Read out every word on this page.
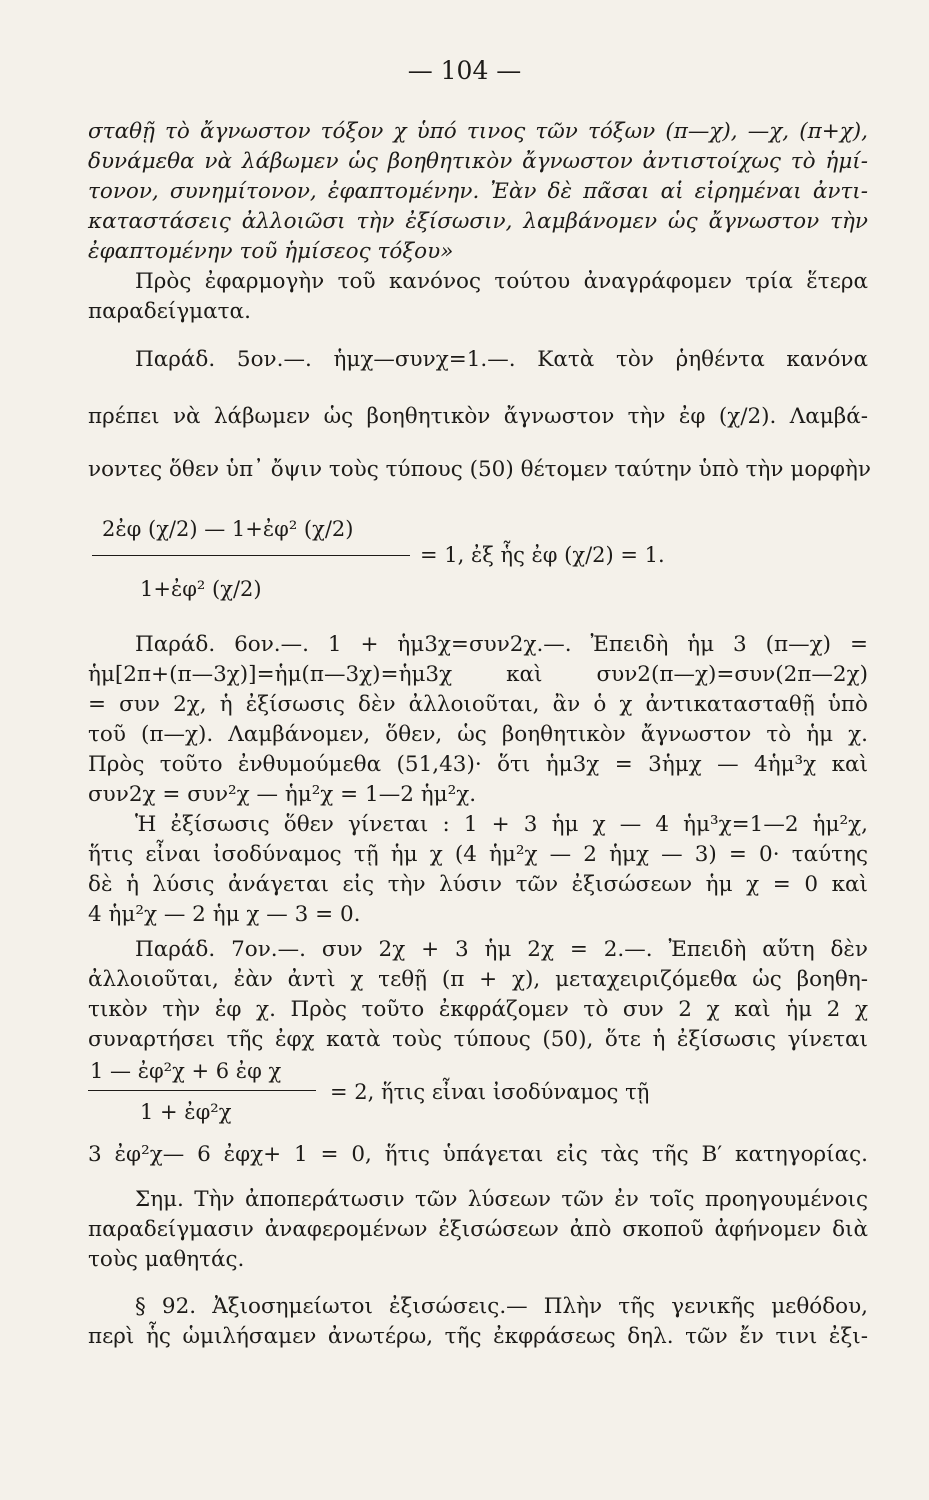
— 104 —
σταθῇ τὸ ἄγνωστον τόξον χ ὑπό τινος τῶν τόξων (π—χ), —χ, (π+χ),
δυνάμεθα νὰ λάβωμεν ὡς βοηθητικὸν ἄγνωστον ἀντιστοίχως τὸ ἡμί-
τονον, συνημίτονον, ἐφαπτομένην. Ἐὰν δὲ πᾶσαι αἱ εἰρημέναι ἀντι-
καταστάσεις ἀλλοιῶσι τὴν ἐξίσωσιν, λαμβάνομεν ὡς ἄγνωστον τὴν
ἐφαπτομένην τοῦ ἡμίσεος τόξου»
Πρὸς ἐφαρμογὴν τοῦ κανόνος τούτου ἀναγράφομεν τρία ἕτερα
παραδείγματα.
Παράδ. 5ον.—. ἡμχ—συνχ=1.—. Κατὰ τὸν ῥηθέντα κανόνα
πρέπει νὰ λάβωμεν ὡς βοηθητικὸν ἄγνωστον τὴν ἐφ (χ/2). Λαμβά-
νοντες ὅθεν ὑπ᾽ ὄψιν τοὺς τύπους (50) θέτομεν ταύτην ὑπὸ τὴν μορφὴν
2ἐφ (χ/2) — 1+ἐφ² (χ/2)
1+ἐφ² (χ/2)
= 1, ἐξ ἧς ἐφ (χ/2) = 1.
Παράδ. 6ον.—. 1 + ἡμ3χ=συν2χ.—. Ἐπειδὴ ἡμ 3 (π—χ) =
ἡμ[2π+(π—3χ)]=ἡμ(π—3χ)=ἡμ3χ καὶ συν2(π—χ)=συν(2π—2χ)
= συν 2χ, ἡ ἐξίσωσις δὲν ἀλλοιοῦται, ἂν ὁ χ ἀντικατασταθῇ ὑπὸ
τοῦ (π—χ). Λαμβάνομεν, ὅθεν, ὡς βοηθητικὸν ἄγνωστον τὸ ἡμ χ.
Πρὸς τοῦτο ἐνθυμούμεθα (51,43)· ὅτι ἡμ3χ = 3ἡμχ — 4ἡμ³χ καὶ
συν2χ = συν²χ — ἡμ²χ = 1—2 ἡμ²χ.
Ἡ ἐξίσωσις ὅθεν γίνεται : 1 + 3 ἡμ χ — 4 ἡμ³χ=1—2 ἡμ²χ,
ἥτις εἶναι ἰσοδύναμος τῇ ἡμ χ (4 ἡμ²χ — 2 ἡμχ — 3) = 0· ταύτης
δὲ ἡ λύσις ἀνάγεται εἰς τὴν λύσιν τῶν ἐξισώσεων ἡμ χ = 0 καὶ
4 ἡμ²χ — 2 ἡμ χ — 3 = 0.
Παράδ. 7ον.—. συν 2χ + 3 ἡμ 2χ = 2.—. Ἐπειδὴ αὕτη δὲν
ἀλλοιοῦται, ἐὰν ἀντὶ χ τεθῇ (π + χ), μεταχειριζόμεθα ὡς βοηθη-
τικὸν τὴν ἐφ χ. Πρὸς τοῦτο ἐκφράζομεν τὸ συν 2 χ καὶ ἡμ 2 χ
συναρτήσει τῆς ἐφχ κατὰ τοὺς τύπους (50), ὅτε ἡ ἐξίσωσις γίνεται
1 — ἐφ²χ + 6 ἐφ χ
1 + ἐφ²χ
= 2, ἥτις εἶναι ἰσοδύναμος τῇ
3 ἐφ²χ— 6 ἐφχ+ 1 = 0, ἥτις ὑπάγεται εἰς τὰς τῆς Β′ κατηγορίας.
Σημ. Τὴν ἀποπεράτωσιν τῶν λύσεων τῶν ἐν τοῖς προηγουμένοις
παραδείγμασιν ἀναφερομένων ἐξισώσεων ἀπὸ σκοποῦ ἀφήνομεν διὰ
τοὺς μαθητάς.
§ 92. Ἀξιοσημείωτοι ἐξισώσεις.— Πλὴν τῆς γενικῆς μεθόδου,
περὶ ἧς ὡμιλήσαμεν ἀνωτέρω, τῆς ἐκφράσεως δηλ. τῶν ἔν τινι ἐξι-
